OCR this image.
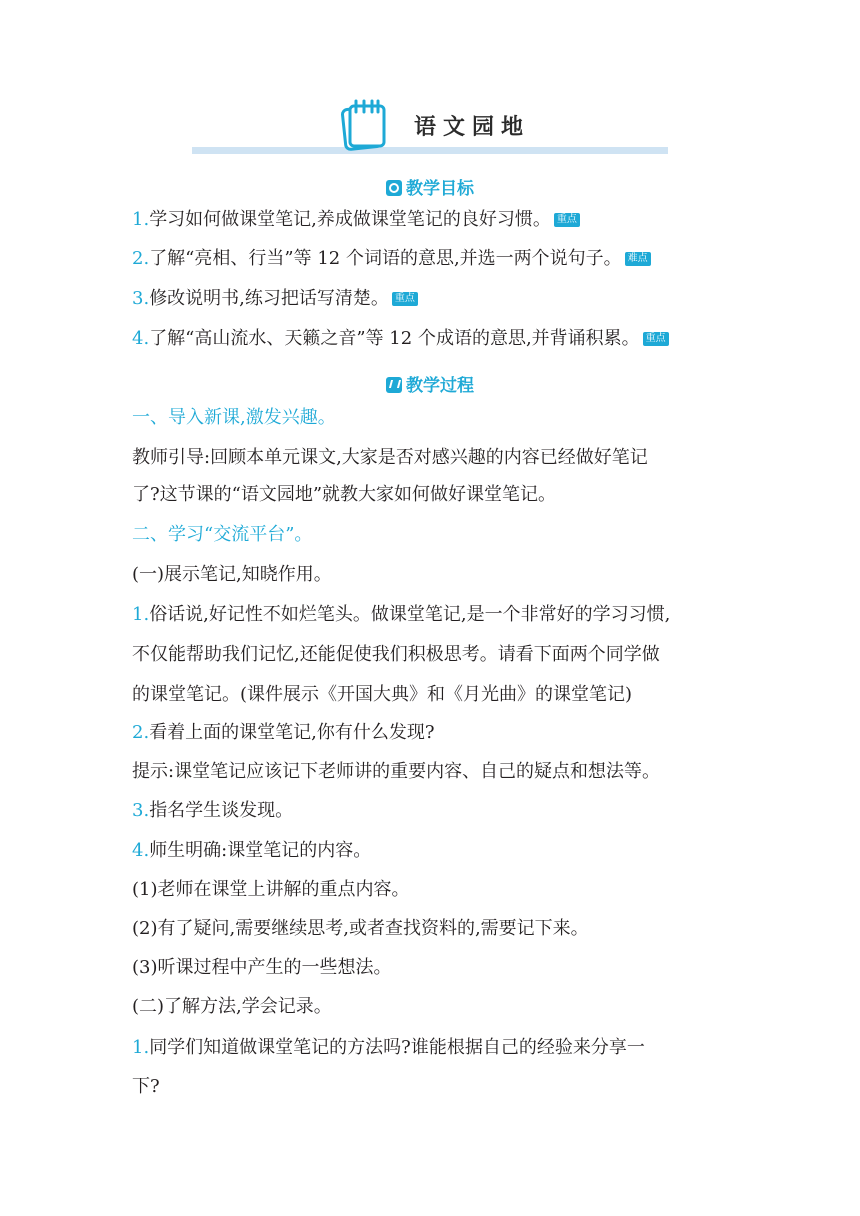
语文园地
教学目标
1.学习如何做课堂笔记,养成做课堂笔记的良好习惯。 重点
2.了解“亮相、行当”等 12 个词语的意思,并选一两个说句子。 难点
3.修改说明书,练习把话写清楚。 重点
4.了解“高山流水、天籁之音”等 12 个成语的意思,并背诵积累。 重点
教学过程
一、导入新课,激发兴趣。
教师引导:回顾本单元课文,大家是否对感兴趣的内容已经做好笔记
了?这节课的“语文园地”就教大家如何做好课堂笔记。
二、学习“交流平台”。
(一)展示笔记,知晓作用。
1.俗话说,好记性不如烂笔头。做课堂笔记,是一个非常好的学习习惯,
不仅能帮助我们记忆,还能促使我们积极思考。请看下面两个同学做
的课堂笔记。(课件展示《开国大典》和《月光曲》的课堂笔记)
2.看着上面的课堂笔记,你有什么发现?
提示:课堂笔记应该记下老师讲的重要内容、自己的疑点和想法等。
3.指名学生谈发现。
4.师生明确:课堂笔记的内容。
(1)老师在课堂上讲解的重点内容。
(2)有了疑问,需要继续思考,或者查找资料的,需要记下来。
(3)听课过程中产生的一些想法。
(二)了解方法,学会记录。
1.同学们知道做课堂笔记的方法吗?谁能根据自己的经验来分享一
下?
